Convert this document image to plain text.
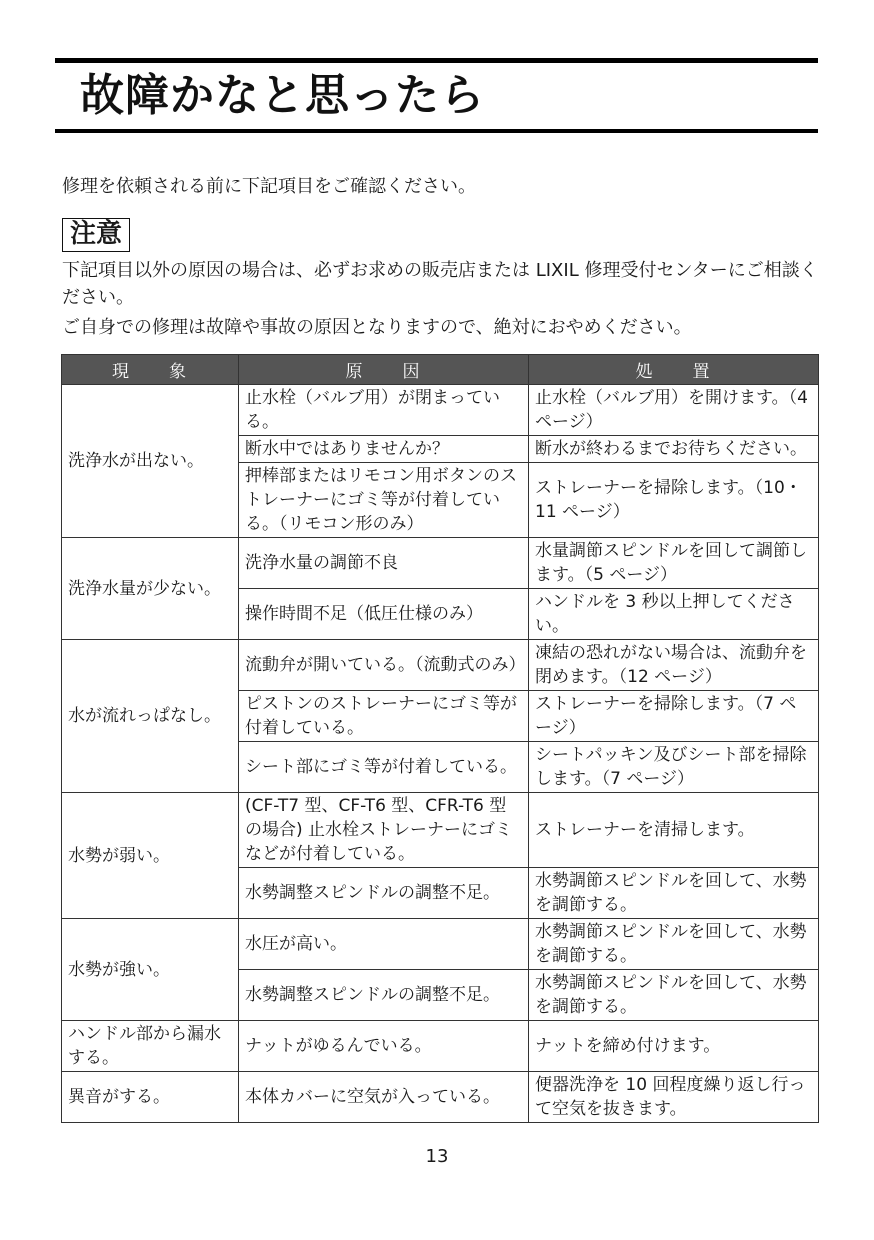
故障かなと思ったら
修理を依頼される前に下記項目をご確認ください。
注意

下記項目以外の原因の場合は、必ずお求めの販売店または LIXIL 修理受付センターにご相談ください。

ご自身での修理は故障や事故の原因となりますので、絶対におやめください。

現　　象	原　　因	処　　置
洗浄水が出ない。	止水栓（バルブ用）が閉まっている。	止水栓（バルブ用）を開けます。（4 ページ）
	断水中ではありませんか？	断水が終わるまでお待ちください。
	押棒部またはリモコン用ボタンのストレーナーにゴミ等が付着している。（リモコン形のみ）	ストレーナーを掃除します。（10・11 ページ）
洗浄水量が少ない。	洗浄水量の調節不良	水量調節スピンドルを回して調節します。（5 ページ）
	操作時間不足（低圧仕様のみ）	ハンドルを 3 秒以上押してください。
水が流れっぱなし。	流動弁が開いている。（流動式のみ）	凍結の恐れがない場合は、流動弁を閉めます。（12 ページ）
	ピストンのストレーナーにゴミ等が付着している。	ストレーナーを掃除します。（7 ページ）
	シート部にゴミ等が付着している。	シートパッキン及びシート部を掃除します。（7 ページ）
水勢が弱い。	(CF-T7 型、CF-T6 型、CFR-T6 型の場合) 止水栓ストレーナーにゴミなどが付着している。	ストレーナーを清掃します。
	水勢調整スピンドルの調整不足。	水勢調節スピンドルを回して、水勢を調節する。
水勢が強い。	水圧が高い。	水勢調節スピンドルを回して、水勢を調節する。
	水勢調整スピンドルの調整不足。	水勢調節スピンドルを回して、水勢を調節する。
ハンドル部から漏水する。	ナットがゆるんでいる。	ナットを締め付けます。
異音がする。	本体カバーに空気が入っている。	便器洗浄を 10 回程度繰り返し行って空気を抜きます。
13
